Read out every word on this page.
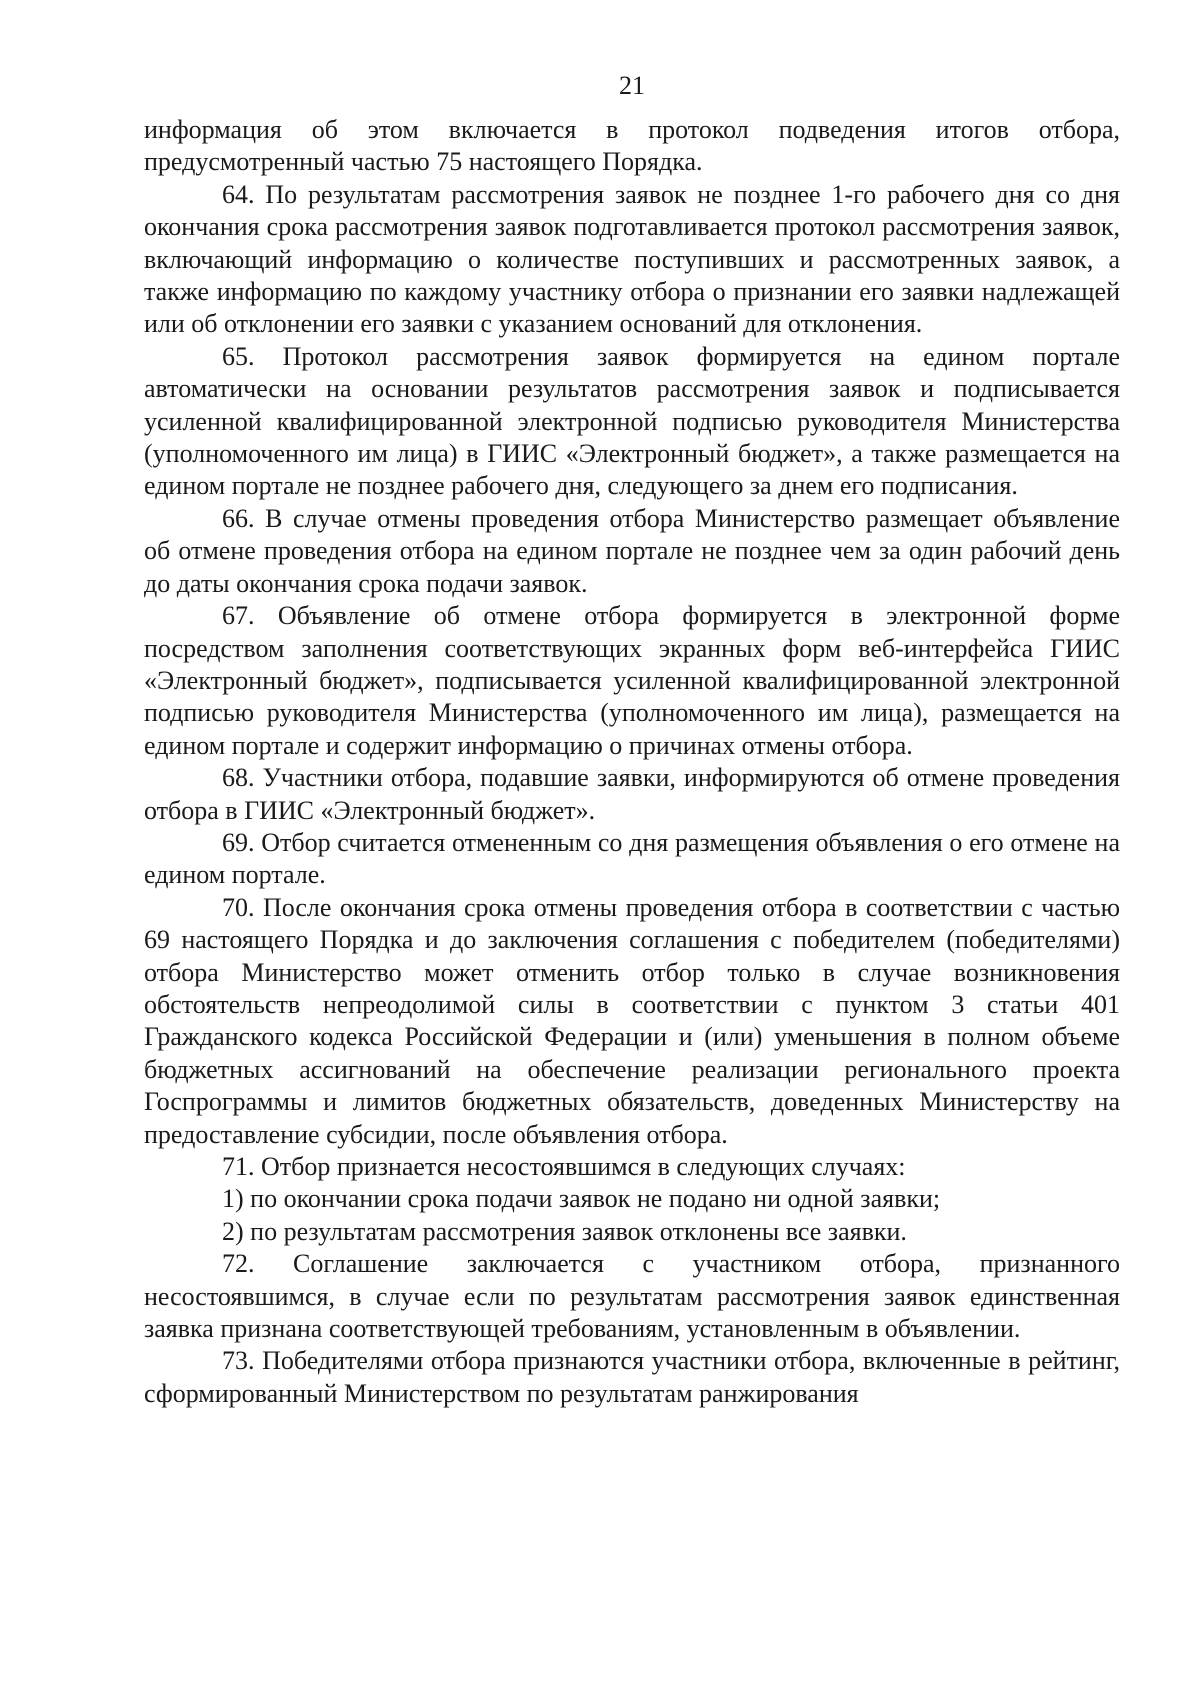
21

информация об этом включается в протокол подведения итогов отбора, предусмотренный частью 75 настоящего Порядка.

64. По результатам рассмотрения заявок не позднее 1-го рабочего дня со дня окончания срока рассмотрения заявок подготавливается протокол рассмотрения заявок, включающий информацию о количестве поступивших и рассмотренных заявок, а также информацию по каждому участнику отбора о признании его заявки надлежащей или об отклонении его заявки с указанием оснований для отклонения.

65. Протокол рассмотрения заявок формируется на едином портале автоматически на основании результатов рассмотрения заявок и подписывается усиленной квалифицированной электронной подписью руководителя Министерства (уполномоченного им лица) в ГИИС «Электронный бюджет», а также размещается на едином портале не позднее рабочего дня, следующего за днем его подписания.

66. В случае отмены проведения отбора Министерство размещает объявление об отмене проведения отбора на едином портале не позднее чем за один рабочий день до даты окончания срока подачи заявок.

67. Объявление об отмене отбора формируется в электронной форме посредством заполнения соответствующих экранных форм веб-интерфейса ГИИС «Электронный бюджет», подписывается усиленной квалифицированной электронной подписью руководителя Министерства (уполномоченного им лица), размещается на едином портале и содержит информацию о причинах отмены отбора.

68. Участники отбора, подавшие заявки, информируются об отмене проведения отбора в ГИИС «Электронный бюджет».

69. Отбор считается отмененным со дня размещения объявления о его отмене на едином портале.

70. После окончания срока отмены проведения отбора в соответствии с частью 69 настоящего Порядка и до заключения соглашения с победителем (победителями) отбора Министерство может отменить отбор только в случае возникновения обстоятельств непреодолимой силы в соответствии с пунктом 3 статьи 401 Гражданского кодекса Российской Федерации и (или) уменьшения в полном объеме бюджетных ассигнований на обеспечение реализации регионального проекта Госпрограммы и лимитов бюджетных обязательств, доведенных Министерству на предоставление субсидии, после объявления отбора.

71. Отбор признается несостоявшимся в следующих случаях:

1) по окончании срока подачи заявок не подано ни одной заявки;

2) по результатам рассмотрения заявок отклонены все заявки.

72. Соглашение заключается с участником отбора, признанного несостоявшимся, в случае если по результатам рассмотрения заявок единственная заявка признана соответствующей требованиям, установленным в объявлении.

73. Победителями отбора признаются участники отбора, включенные в рейтинг, сформированный Министерством по результатам ранжирования
